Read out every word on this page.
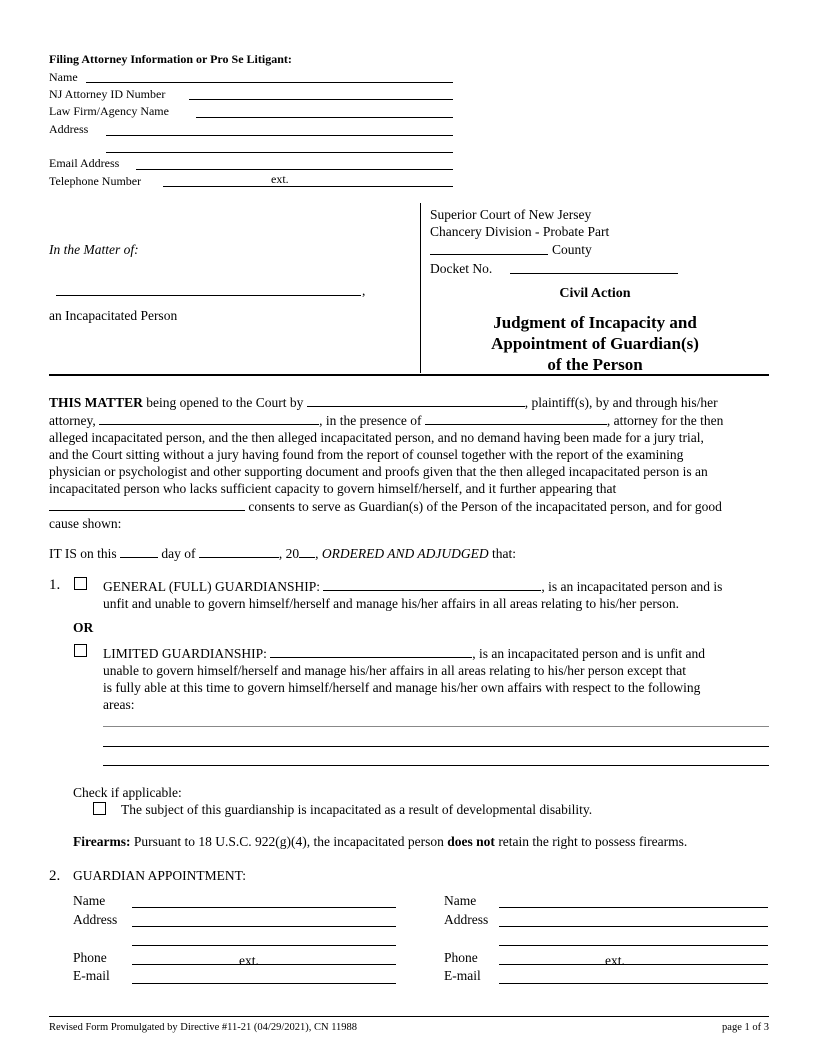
Filing Attorney Information or Pro Se Litigant:
Name
NJ Attorney ID Number
Law Firm/Agency Name
Address
Email Address
Telephone Number	ext.
In the Matter of:
,
an Incapacitated Person
Superior Court of New Jersey
Chancery Division - Probate Part
County
Docket No.
Civil Action
Judgment of Incapacity and
Appointment of Guardian(s)
of the Person

THIS MATTER being opened to the Court by	, plaintiff(s), by and through his/her

attorney,	, in the presence of	, attorney for the then

alleged incapacitated person, and the then alleged incapacitated person, and no demand having been made for a jury trial,

and the Court sitting without a jury having found from the report of counsel together with the report of the examining

physician or psychologist and other supporting document and proofs given that the then alleged incapacitated person is an

incapacitated person who lacks sufficient capacity to govern himself/herself, and it further appearing that

consents to serve as Guardian(s) of the Person of the incapacitated person, and for good

cause shown:

IT IS on this	day of	, 20 , ORDERED AND ADJUDGED that:
1.	GENERAL (FULL) GUARDIANSHIP:	, is an incapacitated person and is

unfit and unable to govern himself/herself and manage his/her affairs in all areas relating to his/her person.

OR

LIMITED GUARDIANSHIP:	, is an incapacitated person and is unfit and

unable to govern himself/herself and manage his/her affairs in all areas relating to his/her person except that

is fully able at this time to govern himself/herself and manage his/her own affairs with respect to the following

areas:

Check if applicable:
The subject of this guardianship is incapacitated as a result of developmental disability.
Firearms: Pursuant to 18 U.S.C. 922(g)(4), the incapacitated person does not retain the right to possess firearms.
2. GUARDIAN APPOINTMENT:
Name
Address
Phone	ext.
E-mail
Name
Address
Phone	ext.
E-mail
Revised Form Promulgated by Directive #11-21 (04/29/2021), CN 11988	page 1 of 3
